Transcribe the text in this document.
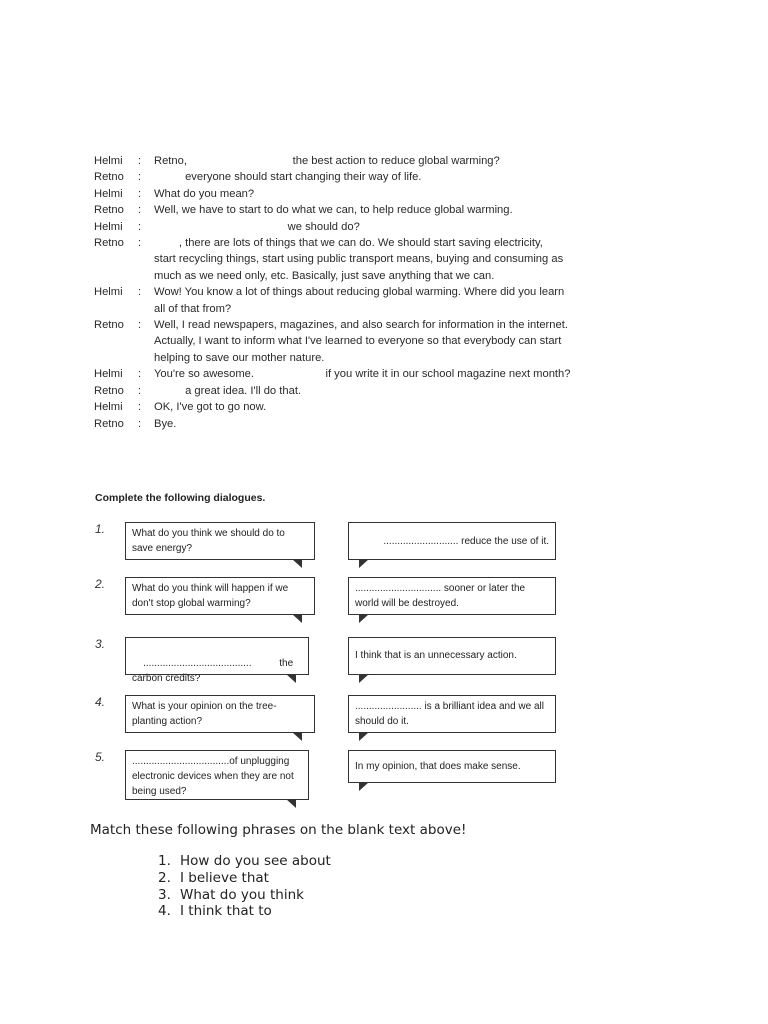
Helmi	:	Retno,                                  the best action to reduce global warming?
Retno	:	everyone should start changing their way of life.
Helmi	:	What do you mean?
Retno	:	Well, we have to start to do what we can, to help reduce global warming.
Helmi	:	we should do?
Retno	:	, there are lots of things that we can do. We should start saving electricity,
start recycling things, start using public transport means, buying and consuming as
much as we need only, etc. Basically, just save anything that we can.
Helmi	:	Wow! You know a lot of things about reducing global warming. Where did you learn
all of that from?
Retno	:	Well, I read newspapers, magazines, and also search for information in the internet.
Actually, I want to inform what I've learned to everyone so that everybody can start
helping to save our mother nature.
Helmi	:	You're so awesome.                       if you write it in our school magazine next month?
Retno	:	a great idea. I'll do that.
Helmi	:	OK, I've got to go now.
Retno	:	Bye.
Complete the following dialogues.
1.	What do you think we should do to save energy?
........................... reduce the use of it.
2.	What do you think will happen if we don't stop global warming?
............................... sooner or later the world will be destroyed.
3.

.......................................          the carbon credits?
I think that is an unnecessary action.
4.	What is your opinion on the tree-planting action?
........................ is a brilliant idea and we all should do it.
5.	...................................of unplugging electronic devices when they are not being used?
In my opinion, that does make sense.
Match these following phrases on the blank text above!
1. How do you see about
2. I believe that
3. What do you think
4. I think that to
